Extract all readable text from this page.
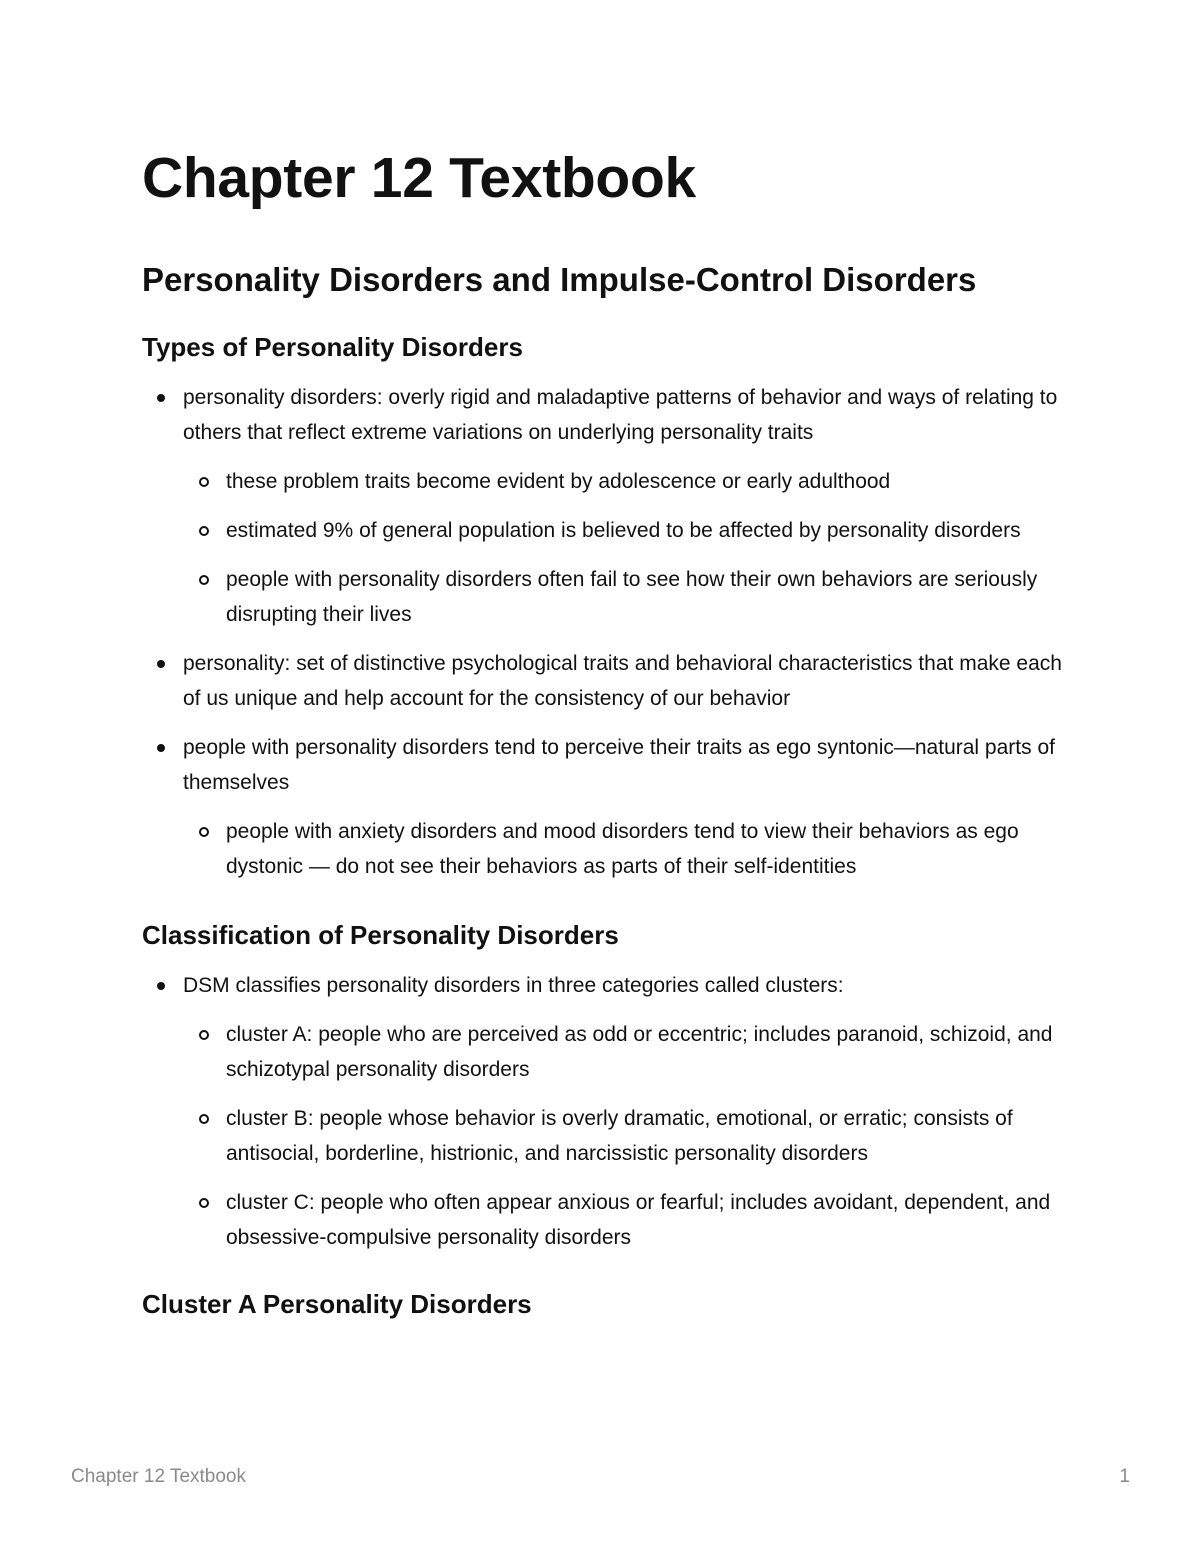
Chapter 12 Textbook
Personality Disorders and Impulse-Control Disorders
Types of Personality Disorders
personality disorders: overly rigid and maladaptive patterns of behavior and ways of relating to others that reflect extreme variations on underlying personality traits
these problem traits become evident by adolescence or early adulthood
estimated 9% of general population is believed to be affected by personality disorders
people with personality disorders often fail to see how their own behaviors are seriously disrupting their lives
personality: set of distinctive psychological traits and behavioral characteristics that make each of us unique and help account for the consistency of our behavior
people with personality disorders tend to perceive their traits as ego syntonic—natural parts of themselves
people with anxiety disorders and mood disorders tend to view their behaviors as ego dystonic — do not see their behaviors as parts of their self-identities
Classification of Personality Disorders
DSM classifies personality disorders in three categories called clusters:
cluster A: people who are perceived as odd or eccentric; includes paranoid, schizoid, and schizotypal personality disorders
cluster B: people whose behavior is overly dramatic, emotional, or erratic; consists of antisocial, borderline, histrionic, and narcissistic personality disorders
cluster C: people who often appear anxious or fearful; includes avoidant, dependent, and obsessive-compulsive personality disorders
Cluster A Personality Disorders
Chapter 12 Textbook	1
